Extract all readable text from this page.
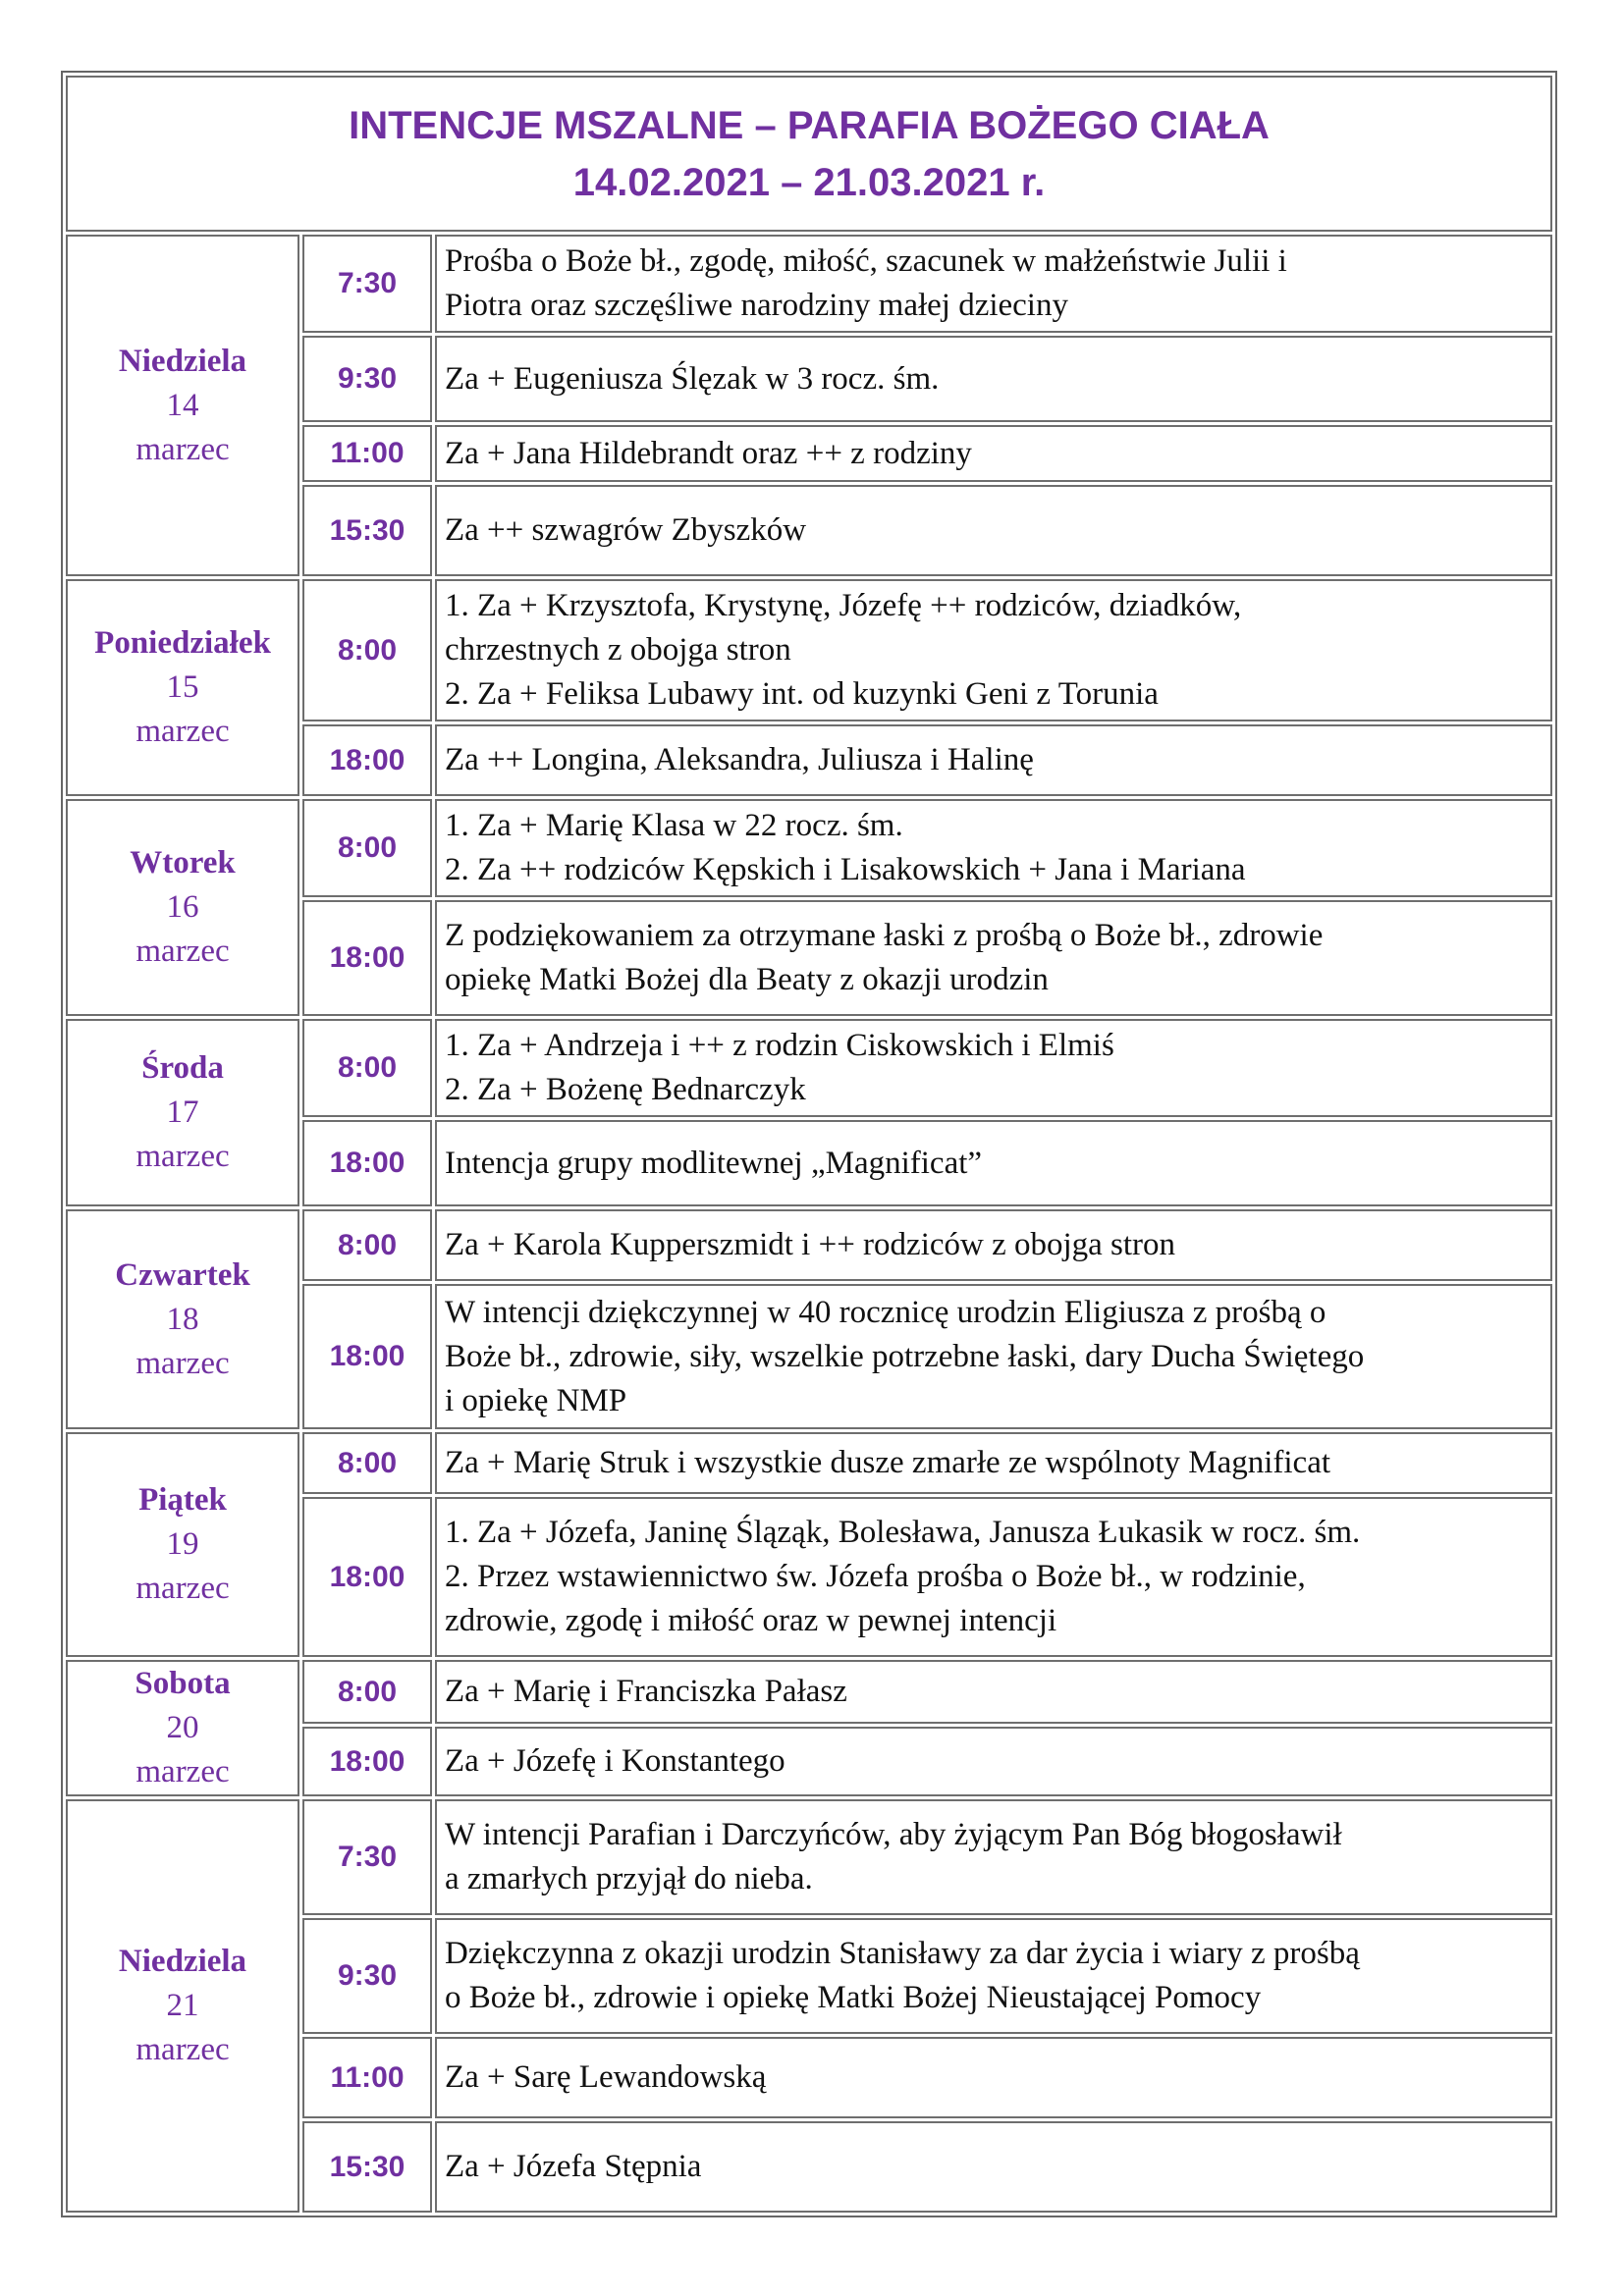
INTENCJE MSZALNE – PARAFIA BOŻEGO CIAŁA
14.02.2021 – 21.03.2021 r.		

Niedziela
14
marzec	7:30	Prośba o Boże bł., zgodę, miłość, szacunek w małżeństwie Julii i
Piotra oraz szczęśliwe narodziny małej dzieciny

	9:30	Za + Eugeniusza Ślęzak w 3 rocz. śm.

	11:00	Za + Jana Hildebrandt oraz ++ z rodziny

	15:30	Za ++ szwagrów Zbyszków

Poniedziałek
15
marzec	8:00	1. Za + Krzysztofa, Krystynę, Józefę ++ rodziców, dziadków,
chrzestnych z obojga stron
2. Za + Feliksa Lubawy int. od kuzynki Geni z Torunia

	18:00	Za ++ Longina, Aleksandra, Juliusza i Halinę

Wtorek
16
marzec	8:00	1. Za + Marię Klasa w 22 rocz. śm.
2. Za ++ rodziców Kępskich i Lisakowskich + Jana i Mariana

	18:00	Z podziękowaniem za otrzymane łaski z prośbą o Boże bł., zdrowie
opiekę Matki Bożej dla Beaty z okazji urodzin

Środa
17
marzec	8:00	1. Za + Andrzeja i ++ z rodzin Ciskowskich i Elmiś
2. Za + Bożenę Bednarczyk

	18:00	Intencja grupy modlitewnej „Magnificat”

Czwartek
18
marzec	8:00	Za + Karola Kupperszmidt i ++ rodziców z obojga stron

	18:00	W intencji dziękczynnej w 40 rocznicę urodzin Eligiusza z prośbą o
Boże bł., zdrowie, siły, wszelkie potrzebne łaski, dary Ducha Świętego
i opiekę NMP

Piątek
19
marzec	8:00	Za + Marię Struk i wszystkie dusze zmarłe ze wspólnoty Magnificat

	18:00	1. Za + Józefa, Janinę Śląząk, Bolesława, Janusza Łukasik w rocz. śm.
2. Przez wstawiennictwo św. Józefa prośba o Boże bł., w rodzinie,
zdrowie, zgodę i miłość oraz w pewnej intencji

Sobota
20
marzec	8:00	Za + Marię i Franciszka Pałasz

	18:00	Za + Józefę i Konstantego

Niedziela
21
marzec	7:30	W intencji Parafian i Darczyńców, aby żyjącym Pan Bóg błogosławił
a zmarłych przyjął do nieba.

	9:30	Dziękczynna z okazji urodzin Stanisławy za dar życia i wiary z prośbą
o Boże bł., zdrowie i opiekę Matki Bożej Nieustającej Pomocy

	11:00	Za + Sarę Lewandowską

	15:30	Za + Józefa Stępnia
